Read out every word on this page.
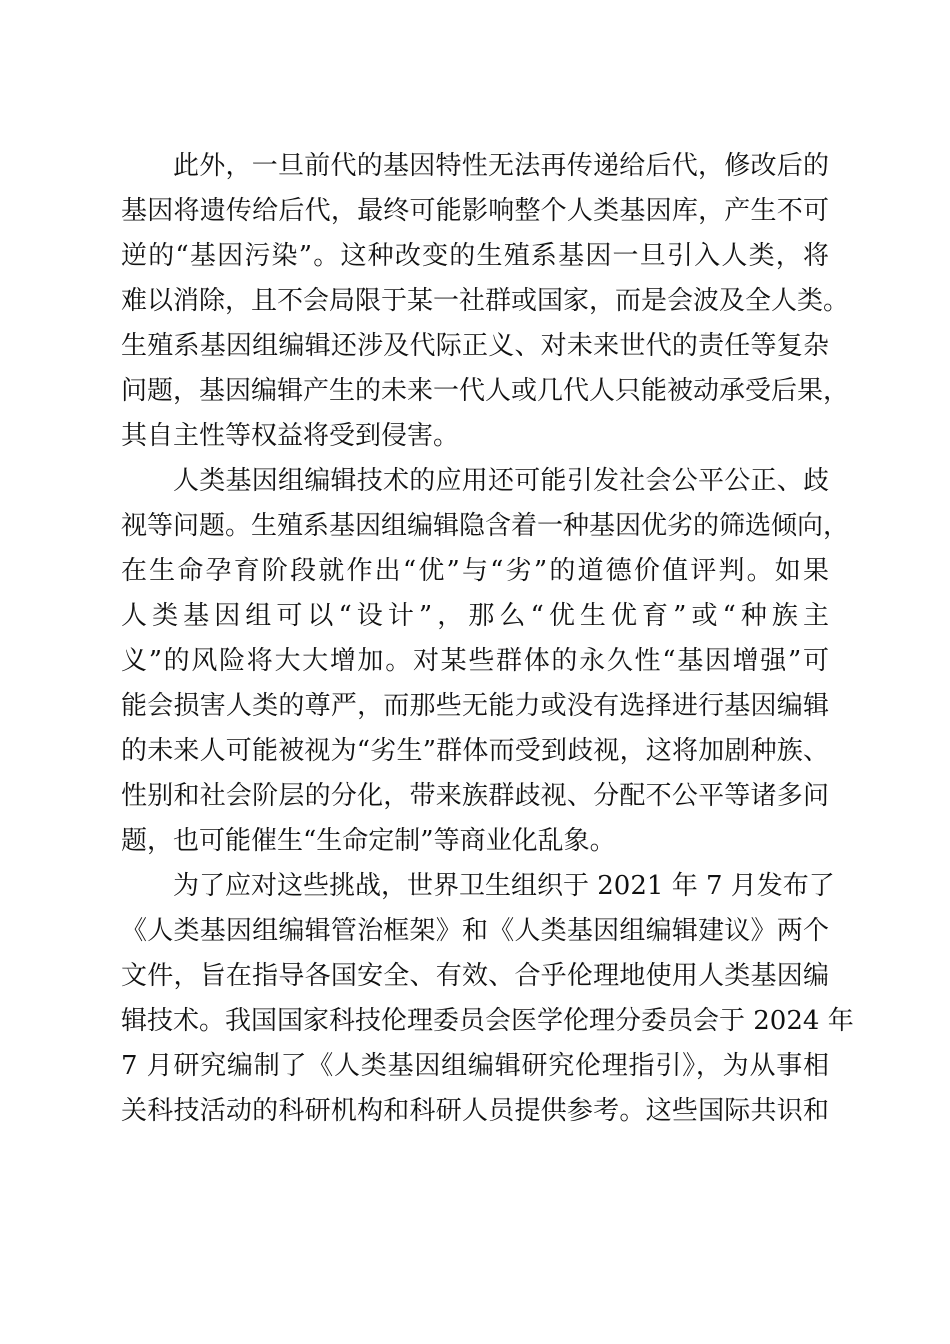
此外，一旦前代的基因特性无法再传递给后代，修改后的
基因将遗传给后代，最终可能影响整个人类基因库，产生不可
逆的“基因污染”。这种改变的生殖系基因一旦引入人类，将
难以消除，且不会局限于某一社群或国家，而是会波及全人类。
生殖系基因组编辑还涉及代际正义、对未来世代的责任等复杂
问题，基因编辑产生的未来一代人或几代人只能被动承受后果，
其自主性等权益将受到侵害。
人类基因组编辑技术的应用还可能引发社会公平公正、歧
视等问题。生殖系基因组编辑隐含着一种基因优劣的筛选倾向，
在生命孕育阶段就作出“优”与“劣”的道德价值评判。如果
人类基因组可以“设计”，那么“优生优育”或“种族主
义”的风险将大大增加。对某些群体的永久性“基因增强”可
能会损害人类的尊严，而那些无能力或没有选择进行基因编辑
的未来人可能被视为“劣生”群体而受到歧视，这将加剧种族、
性别和社会阶层的分化，带来族群歧视、分配不公平等诸多问
题，也可能催生“生命定制”等商业化乱象。
为了应对这些挑战，世界卫生组织于 2021 年 7 月发布了
《人类基因组编辑管治框架》和《人类基因组编辑建议》两个
文件，旨在指导各国安全、有效、合乎伦理地使用人类基因编
辑技术。我国国家科技伦理委员会医学伦理分委员会于 2024 年
7 月研究编制了《人类基因组编辑研究伦理指引》，为从事相
关科技活动的科研机构和科研人员提供参考。这些国际共识和
